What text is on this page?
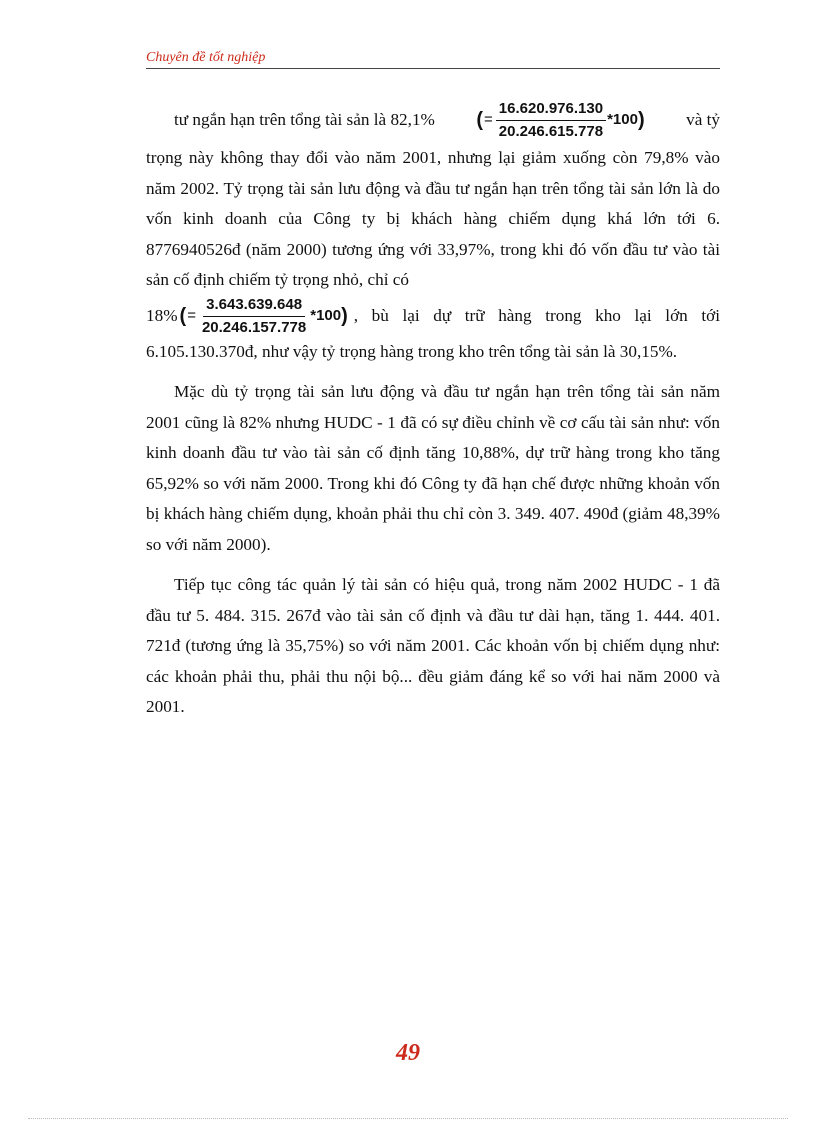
Chuyên đề tốt nghiệp
tư ngắn hạn trên tổng tài sản là 82,1% ( = $\frac{16.620.976.130}{20.246.615.778} *100$ ) và tỷ

trọng này không thay đổi vào năm 2001, nhưng lại giảm xuống còn 79,8% vào năm 2002. Tỷ trọng tài sản lưu động và đầu tư ngắn hạn trên tổng tài sản lớn là do vốn kinh doanh của Công ty bị khách hàng chiếm dụng khá lớn tới 6. 8776940526đ (năm 2000) tương ứng với 33,97%, trong khi đó vốn đầu tư vào tài sản cố định chiếm tỷ trọng nhỏ, chỉ có

18% ( = $\frac{3.643.639.648}{20.246.157.778} *100$ ) , bù lại dự trữ hàng trong kho lại lớn tới

6.105.130.370đ, như vậy tỷ trọng hàng trong kho trên tổng tài sản là 30,15%.

Mặc dù tỷ trọng tài sản lưu động và đầu tư ngắn hạn trên tổng tài sản năm 2001 cũng là 82% nhưng HUDC - 1 đã có sự điều chỉnh về cơ cấu tài sản như: vốn kinh doanh đầu tư vào tài sản cố định tăng 10,88%, dự trữ hàng trong kho tăng 65,92% so với năm 2000. Trong khi đó Công ty đã hạn chế được những khoản vốn bị khách hàng chiếm dụng, khoản phải thu chỉ còn 3. 349. 407. 490đ (giảm 48,39% so với năm 2000).

Tiếp tục công tác quản lý tài sản có hiệu quả, trong năm 2002 HUDC - 1 đã đầu tư 5. 484. 315. 267đ vào tài sản cố định và đầu tư dài hạn, tăng 1. 444. 401. 721đ (tương ứng là 35,75%) so với năm 2001. Các khoản vốn bị chiếm dụng như: các khoản phải thu, phải thu nội bộ... đều giảm đáng kể so với hai năm 2000 và 2001.

49
